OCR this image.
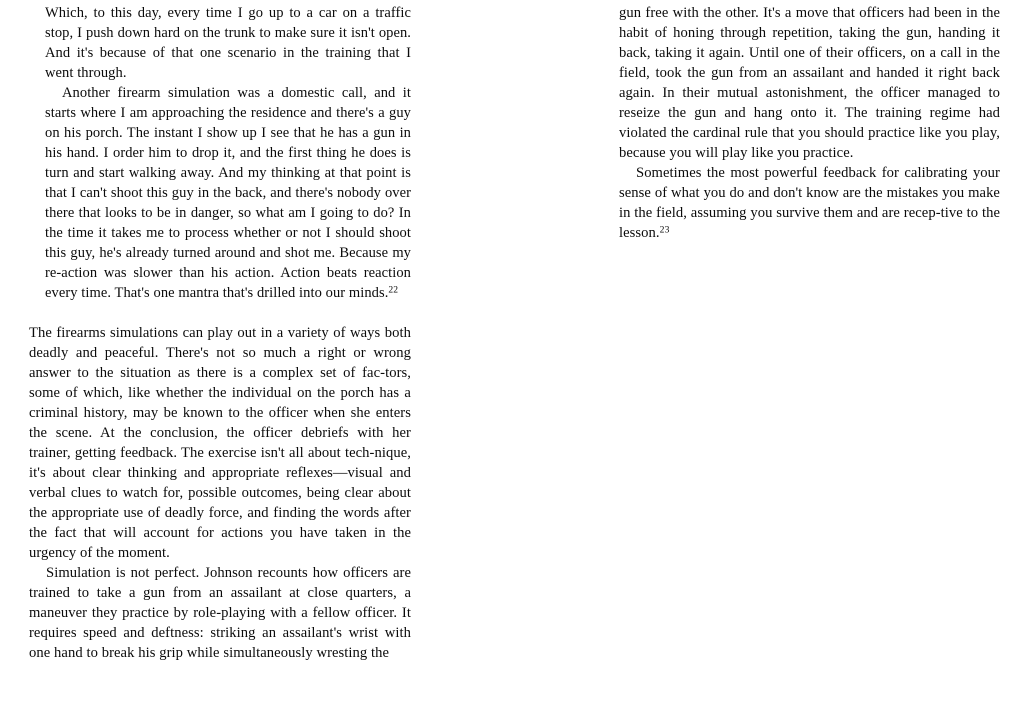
Which, to this day, every time I go up to a car on a traffic stop, I push down hard on the trunk to make sure it isn't open. And it's because of that one scenario in the training that I went through.

Another firearm simulation was a domestic call, and it starts where I am approaching the residence and there's a guy on his porch. The instant I show up I see that he has a gun in his hand. I order him to drop it, and the first thing he does is turn and start walking away. And my thinking at that point is that I can't shoot this guy in the back, and there's nobody over there that looks to be in danger, so what am I going to do? In the time it takes me to process whether or not I should shoot this guy, he's already turned around and shot me. Because my re-action was slower than his action. Action beats reaction every time. That's one mantra that's drilled into our minds.$^{22}$

The firearms simulations can play out in a variety of ways both deadly and peaceful. There's not so much a right or wrong answer to the situation as there is a complex set of fac-tors, some of which, like whether the individual on the porch has a criminal history, may be known to the officer when she enters the scene. At the conclusion, the officer debriefs with her trainer, getting feedback. The exercise isn't all about tech-nique, it's about clear thinking and appropriate reflexes—visual and verbal clues to watch for, possible outcomes, being clear about the appropriate use of deadly force, and finding the words after the fact that will account for actions you have taken in the urgency of the moment.

Simulation is not perfect. Johnson recounts how officers are trained to take a gun from an assailant at close quarters, a maneuver they practice by role-playing with a fellow officer. It requires speed and deftness: striking an assailant's wrist with one hand to break his grip while simultaneously wresting the

gun free with the other. It's a move that officers had been in the habit of honing through repetition, taking the gun, handing it back, taking it again. Until one of their officers, on a call in the field, took the gun from an assailant and handed it right back again. In their mutual astonishment, the officer managed to reseize the gun and hang onto it. The training regime had violated the cardinal rule that you should practice like you play, because you will play like you practice.

Sometimes the most powerful feedback for calibrating your sense of what you do and don't know are the mistakes you make in the field, assuming you survive them and are recep-tive to the lesson.$^{23}$
